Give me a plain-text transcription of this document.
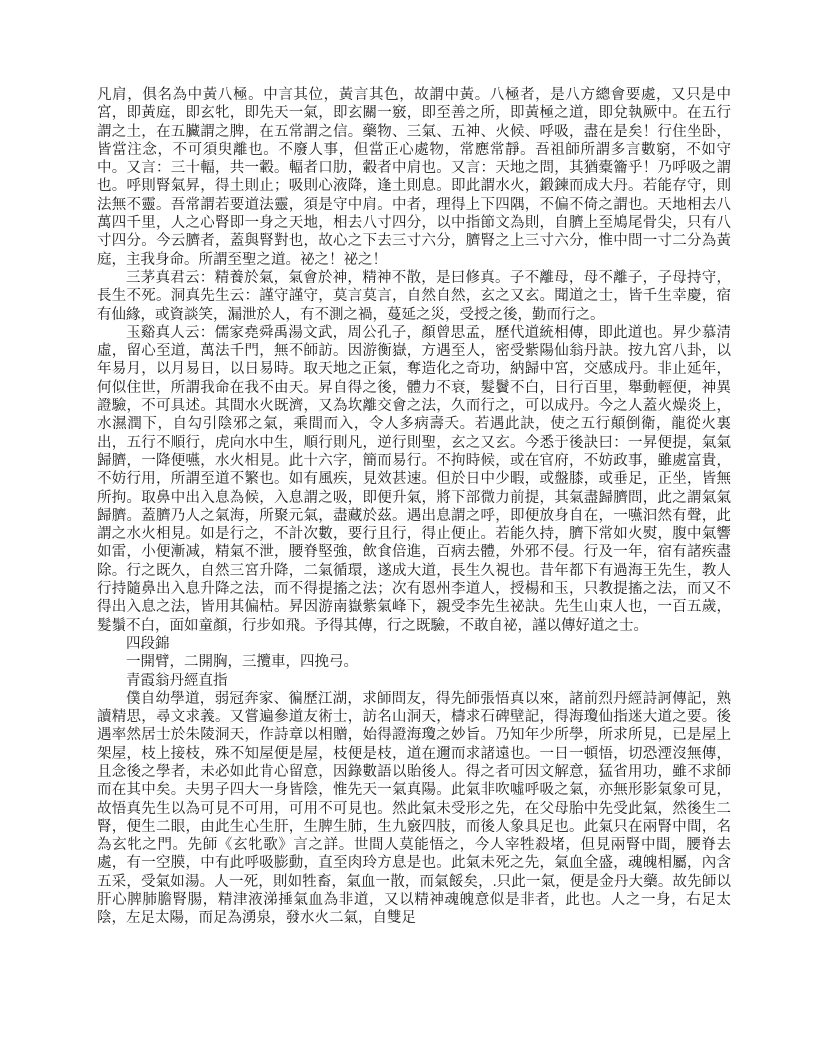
凡肩，俱名為中黃八極。中言其位，黃言其色，故謂中黃。八極者，是八方總會要處，又只是中宮，即黃庭，即玄牝，即先天一氣，即玄關一竅，即至善之所，即黃極之道，即兌執厥中。在五行謂之土，在五臟謂之脾，在五常謂之信。藥物、三氣、五神、火候、呼吸，盡在是矣！行住坐卧，皆當注念，不可須臾離也。不廢人事，但當正心處物，常應常靜。吾祖師所謂多言數窮，不如守中。又言：三十輻，共一轂。輻者口肋，轂者中肩也。又言：天地之問，其猶橐籥乎！乃呼吸之謂也。呼則腎氣昇，得土則止；吸則心液降，逢土則息。即此謂水火，鍛鍊而成大丹。若能存守，則法無不靈。吾常謂若要道法靈，須是守中肩。中者，理得上下四隅，不偏不倚之謂也。天地相去八萬四千里，人之心腎即一身之天地，相去八寸四分，以中指節文為則，自臍上至鳩尾骨尖，只有八寸四分。今云臍者，蓋與腎對也，故心之下去三寸六分，臍腎之上三寸六分，惟中問一寸二分為黃庭，主我身命。所謂至聖之道。祕之！祕之！

三茅真君云：精養於氣，氣會於神，精神不散，是曰修真。子不離母，母不離子，子母持守，長生不死。洞真先生云：謹守謹守，莫言莫言，自然自然，玄之又玄。聞道之士，皆千生幸慶，宿有仙緣，或資談笑，漏泄於人，有不測之禍，蔓延之災，受授之後，勤而行之。

玉谿真人云：儒家堯舜禹湯文武，周公孔子，顏曾思孟，歷代道統相傳，即此道也。昇少慕清虛，留心至道，萬法千門，無不師訪。因游衡嶽，方遇至人，密受紫陽仙翁丹訣。按九宮八卦，以年易月，以月易日，以日易時。取天地之正氣，奪造化之奇功，納歸中宮，交感成丹。非止延年，何似住世，所謂我命在我不由天。昇自得之後，體力不衰，髮鬢不白，日行百里，舉動輕便，神異證驗，不可具述。其間水火既濟，又為坎離交會之法，久而行之，可以成丹。今之人蓋火燥炎上，水濕潤下，自勾引陰邪之氣，乘間而入，令人多病壽夭。若遇此訣，使之五行顛倒衛，龍從火裏出，五行不順行，虎向水中生，順行則凡，逆行則聖，玄之又玄。今悉于後訣曰：一昇便提，氣氣歸臍，一降便嚥，水火相見。此十六字，簡而易行。不拘時候，或在官府，不妨政事，雖處富貴，不妨行用，所謂至道不繁也。如有風疾，見效甚速。但於日中少暇，或盤膝，或垂足，正坐，皆無所拘。取鼻中出入息為候，入息謂之吸，即便升氣，將下部微力前提，其氣盡歸臍問，此之謂氣氣歸臍。蓋臍乃人之氣海，所聚元氣，盡藏於茲。遇出息謂之呼，即便放身自在，一嚥汩然有聲，此謂之水火相見。如是行之，不計次數，要行且行，得止便止。若能久持，臍下常如火熨，腹中氣響如雷，小便漸减，精氣不泄，腰脊堅強，飲食倍進，百病去體，外邪不侵。行及一年，宿有諸疾盡除。行之既久，自然三宮升降，二氣循環，遂成大道，長生久視也。昔年都下有過海王先生，教人行持隨鼻出入息升降之法，而不得提搐之法；次有恩州李道人，授楊和玉，只教提搐之法，而又不得出入息之法，皆用其偏枯。昇因游南嶽紫氣峰下，親受李先生祕訣。先生山束人也，一百五歲，髮鬚不白，面如童顏，行步如飛。予得其傳，行之既驗，不敢自祕，謹以傳好道之士。

四段錦

一開臂，二開胸，三攬車，四挽弓。

青霞翁丹經直指

僕自幼學道，弱冠奔家、徧歷江湖，求師問友，得先師張悟真以來，諸前烈丹經詩訶傳記，熟讀精思，尋文求義。又嘗遍參道友術士，訪名山洞天，檮求石碑壁記，得海瓊仙指迷大道之要。後遇率然居士於朱陵洞天，作詩章以相贈，始得證海瓊之妙旨。乃知年少所學，所求所見，已是屋上架屋，枝上接枝，殊不知屋便是屋，枝便是枝，道在邇而求諸遠也。一日一頓悟，切恐湮沒無傳，且念後之學者，未必如此肯心留意，因錄數語以貽後人。得之者可因文解意，猛省用功，雖不求師而在其中矣。夫男子四大一身皆陰，惟先天一氣真陽。此氣非吹噓呼吸之氣，亦無形影氣象可見，故悟真先生以為可見不可用，可用不可見也。然此氣未受形之先，在父母胎中先受此氣，然後生二腎，便生二眼，由此生心生肝，生脾生肺，生九竅四肢，而後人象具足也。此氣只在兩腎中間，名為玄牝之門。先師《玄牝歌》言之詳。世間人莫能悟之，今人宰牲殺堵，但見兩腎中間，腰脊去處，有一空膜，中有此呼吸膨動，直至肉玲方息是也。此氣未死之先，氣血全盛，魂魄相屬，內含五采，受氣如湯。人一死，則如牲畜，氣血一散，而氣餒矣，.只此一氣，便是金丹大藥。故先師以肝心脾肺膽腎腸，精津液涕捶氣血為非道，又以精神魂魄意似是非者，此也。人之一身，右足太陰，左足太陽，而足為湧泉，發水火二氣，自雙足
